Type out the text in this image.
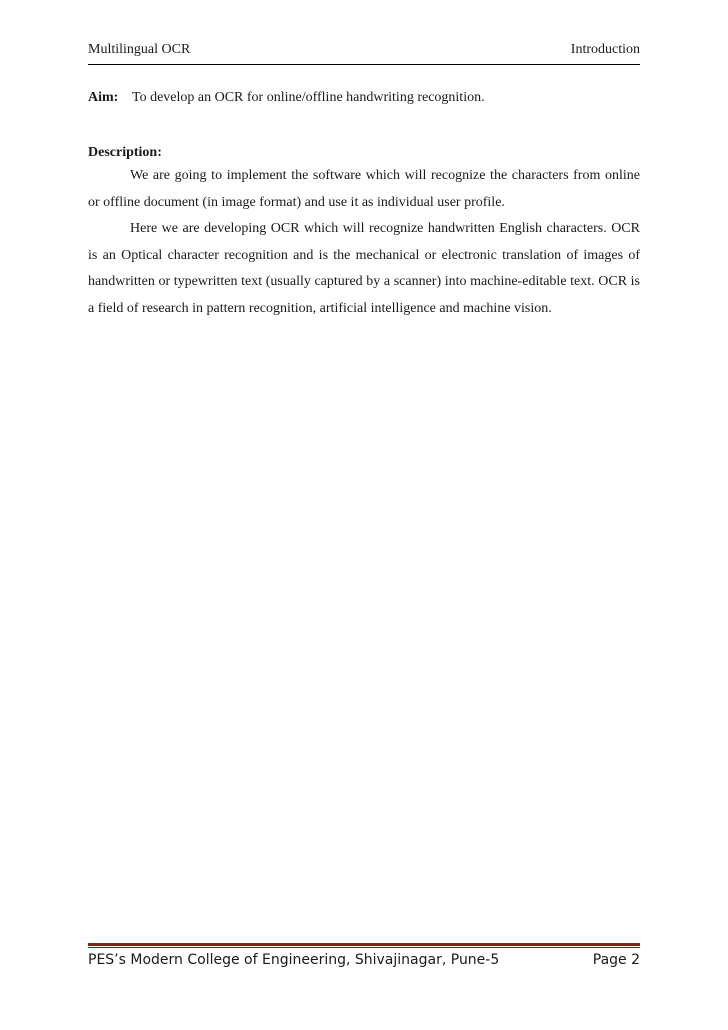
Multilingual OCR	Introduction
Aim: To develop an OCR for online/offline handwriting recognition.
Description:

We are going to implement the software which will recognize the characters from online or offline document (in image format) and use it as individual user profile.

Here we are developing OCR which will recognize handwritten English characters. OCR is an Optical character recognition and is the mechanical or electronic translation of images of handwritten or typewritten text (usually captured by a scanner) into machine-editable text. OCR is a field of research in pattern recognition, artificial intelligence and machine vision.

PES’s Modern College of Engineering, Shivajinagar, Pune-5	Page 2
